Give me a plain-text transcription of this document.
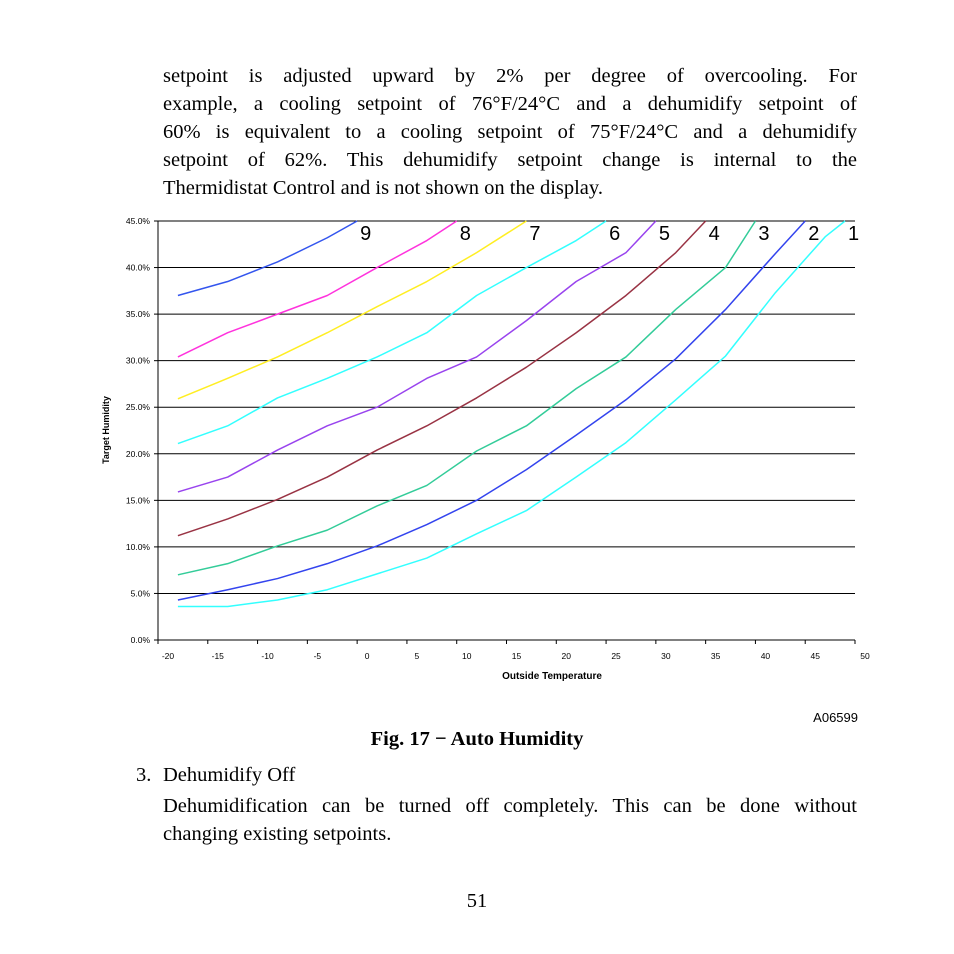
setpoint is adjusted upward by 2% per degree of overcooling. For
example, a cooling setpoint of 76°F/24°C and a dehumidify setpoint of
60% is equivalent to a cooling setpoint of 75°F/24°C and a dehumidify
setpoint of 62%. This dehumidify setpoint change is internal to the
Thermidistat Control and is not shown on the display.
0.0%
5.0%
10.0%
15.0%
20.0%
25.0%
30.0%
35.0%
40.0%
45.0%
-20	-15	-10	-5	0	5	10	15	20	25	30	35	40	45	50
1
2
3
4
5
6
7
8
9
Outside Temperature
Target Humidity
A06599
Fig. 17 − Auto Humidity
3. Dehumidify Off
Dehumidification can be turned off completely. This can be done without
changing existing setpoints.
51
